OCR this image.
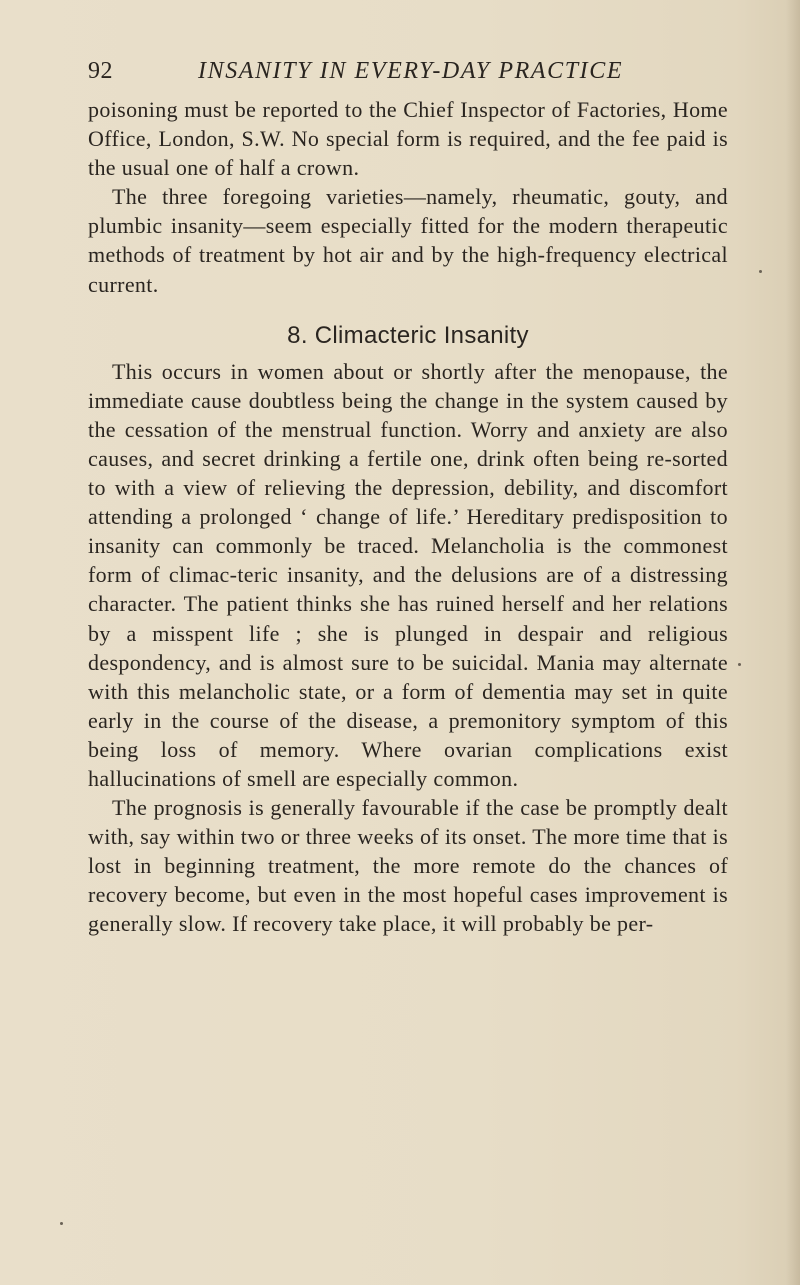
92	INSANITY IN EVERY-DAY PRACTICE

poisoning must be reported to the Chief Inspector of Factories, Home Office, London, S.W. No special form is required, and the fee paid is the usual one of half a crown.

The three foregoing varieties—namely, rheumatic, gouty, and plumbic insanity—seem especially fitted for the modern therapeutic methods of treatment by hot air and by the high-frequency electrical current.

8. Climacteric Insanity

This occurs in women about or shortly after the menopause, the immediate cause doubtless being the change in the system caused by the cessation of the menstrual function. Worry and anxiety are also causes, and secret drinking a fertile one, drink often being re-sorted to with a view of relieving the depression, debility, and discomfort attending a prolonged ‘ change of life.’ Hereditary predisposition to insanity can commonly be traced. Melancholia is the commonest form of climac-teric insanity, and the delusions are of a distressing character. The patient thinks she has ruined herself and her relations by a misspent life ; she is plunged in despair and religious despondency, and is almost sure to be suicidal. Mania may alternate with this melancholic state, or a form of dementia may set in quite early in the course of the disease, a premonitory symptom of this being loss of memory. Where ovarian complications exist hallucinations of smell are especially common.

The prognosis is generally favourable if the case be promptly dealt with, say within two or three weeks of its onset. The more time that is lost in beginning treatment, the more remote do the chances of recovery become, but even in the most hopeful cases improvement is generally slow. If recovery take place, it will probably be per-
